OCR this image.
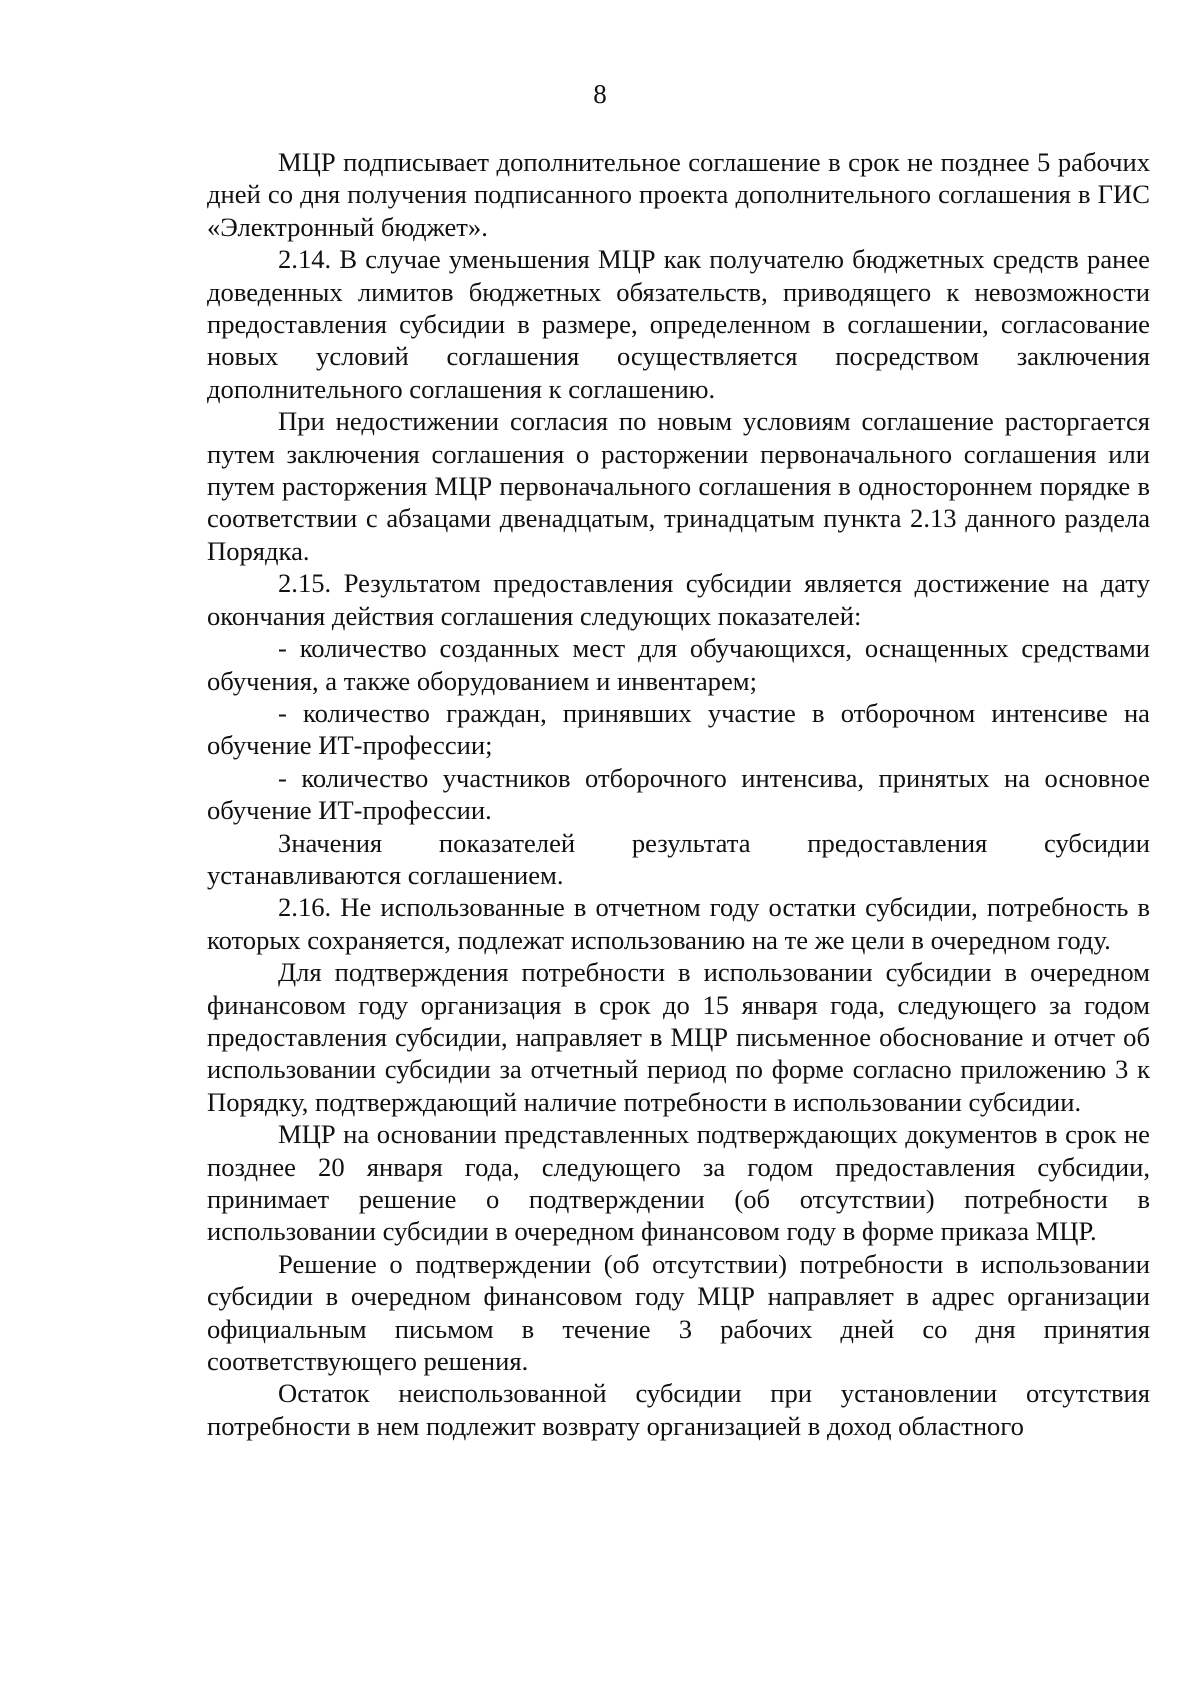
8

МЦР подписывает дополнительное соглашение в срок не позднее 5 рабочих дней со дня получения подписанного проекта дополнительного соглашения в ГИС «Электронный бюджет».

2.14. В случае уменьшения МЦР как получателю бюджетных средств ранее доведенных лимитов бюджетных обязательств, приводящего к невозможности предоставления субсидии в размере, определенном в соглашении, согласование новых условий соглашения осуществляется посредством заключения дополнительного соглашения к соглашению.

При недостижении согласия по новым условиям соглашение расторгается путем заключения соглашения о расторжении первоначального соглашения или путем расторжения МЦР первоначального соглашения в одностороннем порядке в соответствии с абзацами двенадцатым, тринадцатым пункта 2.13 данного раздела Порядка.

2.15. Результатом предоставления субсидии является достижение на дату окончания действия соглашения следующих показателей:

- количество созданных мест для обучающихся, оснащенных средствами обучения, а также оборудованием и инвентарем;

- количество граждан, принявших участие в отборочном интенсиве на обучение ИТ-профессии;

- количество участников отборочного интенсива, принятых на основное обучение ИТ-профессии.

Значения показателей результата предоставления субсидии устанавливаются соглашением.

2.16. Не использованные в отчетном году остатки субсидии, потребность в которых сохраняется, подлежат использованию на те же цели в очередном году.

Для подтверждения потребности в использовании субсидии в очередном финансовом году организация в срок до 15 января года, следующего за годом предоставления субсидии, направляет в МЦР письменное обоснование и отчет об использовании субсидии за отчетный период по форме согласно приложению 3 к Порядку, подтверждающий наличие потребности в использовании субсидии.

МЦР на основании представленных подтверждающих документов в срок не позднее 20 января года, следующего за годом предоставления субсидии, принимает решение о подтверждении (об отсутствии) потребности в использовании субсидии в очередном финансовом году в форме приказа МЦР.

Решение о подтверждении (об отсутствии) потребности в использовании субсидии в очередном финансовом году МЦР направляет в адрес организации официальным письмом в течение 3 рабочих дней со дня принятия соответствующего решения.

Остаток неиспользованной субсидии при установлении отсутствия потребности в нем подлежит возврату организацией в доход областного
